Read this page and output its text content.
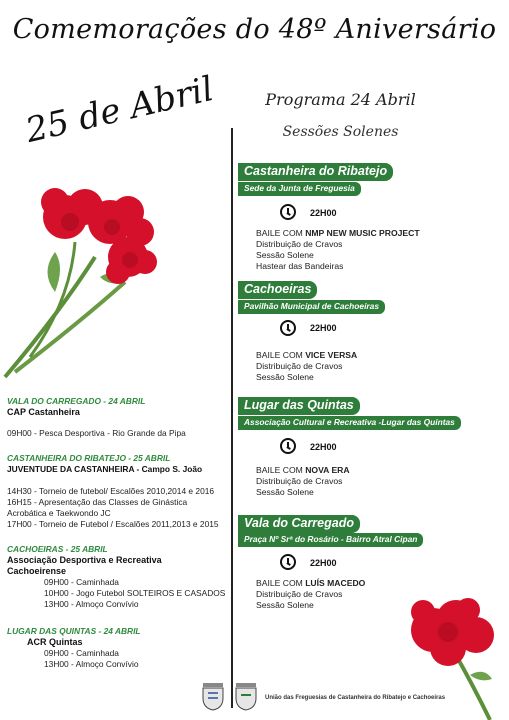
Comemorações do 48º Aniversário
25 de Abril	Programa 24 Abril
Sessões Solenes
VALA DO CARREGADO - 24 ABRIL
CAP Castanheira
09H00 - Pesca Desportiva - Rio Grande da Pipa
CASTANHEIRA DO RIBATEJO - 25 ABRIL
JUVENTUDE DA CASTANHEIRA - Campo S. João
14H30 - Torneio de futebol/ Escalões 2010,2014 e 2016
16H15 - Apresentação das Classes de Ginástica
Acrobática e Taekwondo JC
17H00 - Torneio de Futebol / Escalões 2011,2013 e 2015
CACHOEIRAS - 25 ABRIL
Associação Desportiva e Recreativa Cachoeirense
09H00 - Caminhada
10H00 - Jogo Futebol SOLTEIROS E CASADOS
13H00 - Almoço Convívio
LUGAR DAS QUINTAS - 24 ABRIL
ACR Quintas
09H00 - Caminhada
13H00 - Almoço Convívio
Castanheira do Ribatejo
Sede da Junta de Freguesia
22H00
BAILE COM NMP NEW MUSIC PROJECT
Distribuição de Cravos
Sessão Solene
Hastear das Bandeiras
Cachoeiras
Pavilhão Municipal de Cachoeiras
22H00
BAILE COM VICE VERSA
Distribuição de Cravos
Sessão Solene
Lugar das Quintas
Associação Cultural e Recreativa -Lugar das Quintas
22H00
BAILE COM NOVA ERA
Distribuição de Cravos
Sessão Solene
Vala do Carregado
Praça Nº Srª do Rosário - Bairro Atral Cipan
22H00
BAILE COM LUÍS MACEDO
Distribuição de Cravos
Sessão Solene
União das Freguesias de Castanheira do Ribatejo e Cachoeiras
